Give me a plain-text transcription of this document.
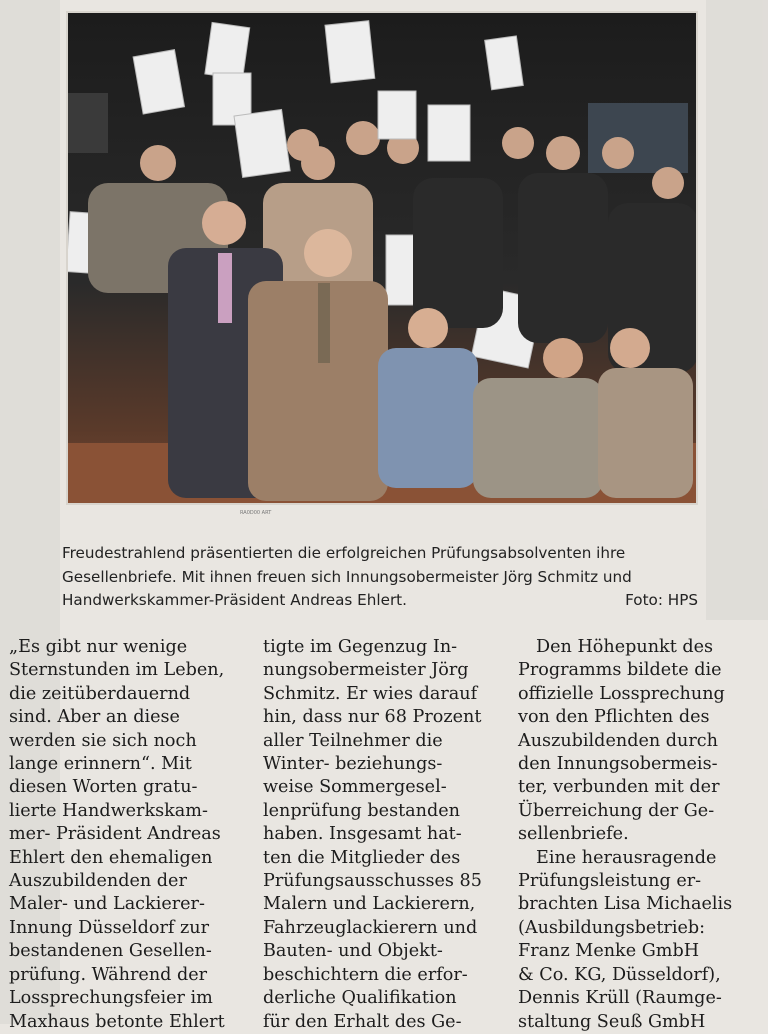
RA0D00 ART
Freudestrahlend präsentierten die erfolgreichen Prüfungsabsolventen ihre
Gesellenbriefe. Mit ihnen freuen sich Innungsobermeister Jörg Schmitz und
Handwerkskammer-Präsident Andreas Ehlert.	Foto: HPS
„Es gibt nur wenige
Sternstunden im Leben,
die zeitüberdauernd
sind. Aber an diese
werden sie sich noch
lange erinnern“. Mit
diesen Worten gratu-
lierte Handwerkskam-
mer- Präsident Andreas
Ehlert den ehemaligen
Auszubildenden der
Maler- und Lackierer-
Innung Düsseldorf zur
bestandenen Gesellen-
prüfung. Während der
Lossprechungsfeier im
Maxhaus betonte Ehlert
tigte im Gegenzug In-
nungsobermeister Jörg
Schmitz. Er wies darauf
hin, dass nur 68 Prozent
aller Teilnehmer die
Winter- beziehungs-
weise Sommergesel-
lenprüfung bestanden
haben. Insgesamt hat-
ten die Mitglieder des
Prüfungsausschusses 85
Malern und Lackierern,
Fahrzeuglackierern und
Bauten- und Objekt-
beschichtern die erfor-
derliche Qualifikation
für den Erhalt des Ge-
Den Höhepunkt des
Programms bildete die
offizielle Lossprechung
von den Pflichten des
Auszubildenden durch
den Innungsobermeis-
ter, verbunden mit der
Überreichung der Ge-
sellenbriefe.
Eine herausragende
Prüfungsleistung er-
brachten Lisa Michaelis
(Ausbildungsbetrieb:
Franz Menke GmbH
& Co. KG, Düsseldorf),
Dennis Krüll (Raumge-
staltung Seuß GmbH
